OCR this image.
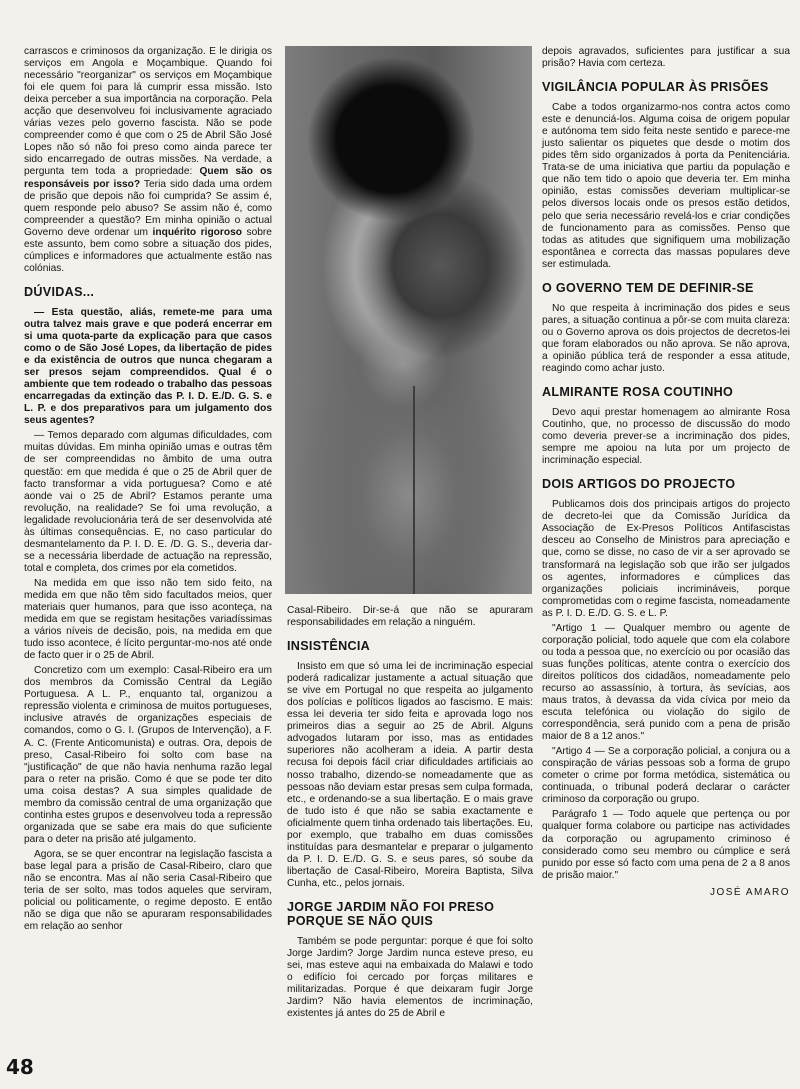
carrascos e criminosos da organização. E le dirigia os serviços em Angola e Moçambique. Quando foi necessário "reorganizar" os serviços em Moçambique foi ele quem foi para lá cumprir essa missão. Isto deixa perceber a sua importância na corporação. Pela acção que desenvolveu foi inclusivamente agraciado várias vezes pelo governo fascista. Não se pode compreender como é que com o 25 de Abril São José Lopes não só não foi preso como ainda parece ter sido encarregado de outras missões. Na verdade, a pergunta tem toda a propriedade: Quem são os responsáveis por isso? Teria sido dada uma ordem de prisão que depois não foi cumprida? Se assim é, quem responde pelo abuso? Se assim não é, como compreender a questão? Em minha opinião o actual Governo deve ordenar um inquérito rigoroso sobre este assunto, bem como sobre a situação dos pides, cúmplices e informadores que actualmente estão nas colónias.

DÚVIDAS...

— Esta questão, aliás, remete-me para uma outra talvez mais grave e que poderá encerrar em si uma quota-parte da explicação para que casos como o de São José Lopes, da libertação de pides e da existência de outros que nunca chegaram a ser presos sejam compreendidos. Qual é o ambiente que tem rodeado o trabalho das pessoas encarregadas da extinção das P. I. D. E./D. G. S. e L. P. e dos preparativos para um julgamento dos seus agentes?

— Temos deparado com algumas dificuldades, com muitas dúvidas. Em minha opinião umas e outras têm de ser compreendidas no âmbito de uma outra questão: em que medida é que o 25 de Abril quer de facto transformar a vida portuguesa? Como e até aonde vai o 25 de Abril? Estamos perante uma revolução, na realidade? Se foi uma revolução, a legalidade revolucionária terá de ser desenvolvida até às últimas consequências. E, no caso particular do desmantelamento da P. I. D. E. /D. G. S., deveria dar-se a necessária liberdade de actuação na repressão, total e completa, dos crimes por ela cometidos.

Na medida em que isso não tem sido feito, na medida em que não têm sido facultados meios, quer materiais quer humanos, para que isso aconteça, na medida em que se registam hesitações variadíssimas a vários níveis de decisão, pois, na medida em que tudo isso acontece, é lícito perguntar-mo-nos até onde de facto quer ir o 25 de Abril.

Concretizo com um exemplo: Casal-Ribeiro era um dos membros da Comissão Central da Legião Portuguesa. A L. P., enquanto tal, organizou a repressão violenta e criminosa de muitos portugueses, inclusive através de organizações especiais de comandos, como o G. I. (Grupos de Intervenção), a F. A. C. (Frente Anticomunista) e outras. Ora, depois de preso, Casal-Ribeiro foi solto com base na "justificação" de que não havia nenhuma razão legal para o reter na prisão. Como é que se pode ter dito uma coisa destas? A sua simples qualidade de membro da comissão central de uma organização que continha estes grupos e desenvolveu toda a repressão organizada que se sabe era mais do que suficiente para o deter na prisão até julgamento.

Agora, se se quer encontrar na legislação fascista a base legal para a prisão de Casal-Ribeiro, claro que não se encontra. Mas aí não seria Casal-Ribeiro que teria de ser solto, mas todos aqueles que serviram, policial ou politicamente, o regime deposto. E então não se diga que não se apuraram responsabilidades em relação ao senhor

Casal-Ribeiro. Dir-se-á que não se apuraram responsabilidades em relação a ninguém.

INSISTÊNCIA

Insisto em que só uma lei de incriminação especial poderá radicalizar justamente a actual situação que se vive em Portugal no que respeita ao julgamento dos polícias e políticos ligados ao fascismo. E mais: essa lei deveria ter sido feita e aprovada logo nos primeiros dias a seguir ao 25 de Abril. Alguns advogados lutaram por isso, mas as entidades superiores não acolheram a ideia. A partir desta recusa foi depois fácil criar dificuldades artificiais ao nosso trabalho, dizendo-se nomeadamente que as pessoas não deviam estar presas sem culpa formada, etc., e ordenando-se a sua libertação. E o mais grave de tudo isto é que não se sabia exactamente e oficialmente quem tinha ordenado tais libertações. Eu, por exemplo, que trabalho em duas comissões instituídas para desmantelar e preparar o julgamento da P. I. D. E./D. G. S. e seus pares, só soube da libertação de Casal-Ribeiro, Moreira Baptista, Silva Cunha, etc., pelos jornais.

JORGE JARDIM NÃO FOI PRESO PORQUE SE NÃO QUIS

Também se pode perguntar: porque é que foi solto Jorge Jardim? Jorge Jardim nunca esteve preso, eu sei, mas esteve aqui na embaixada do Malawi e todo o edifício foi cercado por forças militares e militarizadas. Porque é que deixaram fugir Jorge Jardim? Não havia elementos de incriminação, existentes já antes do 25 de Abril e

depois agravados, suficientes para justificar a sua prisão? Havia com certeza.

VIGILÂNCIA POPULAR ÀS PRISÕES

Cabe a todos organizarmo-nos contra actos como este e denunciá-los. Alguma coisa de origem popular e autónoma tem sido feita neste sentido e parece-me justo salientar os piquetes que desde o motim dos pides têm sido organizados à porta da Penitenciária. Trata-se de uma iniciativa que partiu da população e que não tem tido o apoio que deveria ter. Em minha opinião, estas comissões deveriam multiplicar-se pelos diversos locais onde os presos estão detidos, pelo que seria necessário revelá-los e criar condições de funcionamento para as comissões. Penso que todas as atitudes que signifiquem uma mobilização espontânea e correcta das massas populares deve ser estimulada.

O GOVERNO TEM DE DEFINIR-SE

No que respeita à incriminação dos pides e seus pares, a situação continua a pôr-se com muita clareza: ou o Governo aprova os dois projectos de decretos-lei que foram elaborados ou não aprova. Se não aprova, a opinião pública terá de responder a essa atitude, reagindo como achar justo.

ALMIRANTE ROSA COUTINHO

Devo aqui prestar homenagem ao almirante Rosa Coutinho, que, no processo de discussão do modo como deveria prever-se a incriminação dos pides, sempre me apoiou na luta por um projecto de incriminação especial.

DOIS ARTIGOS DO PROJECTO

Publicamos dois dos principais artigos do projecto de decreto-lei que da Comissão Jurídica da Associação de Ex-Presos Políticos Antifascistas desceu ao Conselho de Ministros para apreciação e que, como se disse, no caso de vir a ser aprovado se transformará na legislação sob que irão ser julgados os agentes, informadores e cúmplices das organizações policiais incrimináveis, porque comprometidas com o regime fascista, nomeadamente as P. I. D. E./D. G. S. e L. P.

"Artigo 1 — Qualquer membro ou agente de corporação policial, todo aquele que com ela colabore ou toda a pessoa que, no exercício ou por ocasião das suas funções políticas, atente contra o exercício dos direitos políticos dos cidadãos, nomeadamente pelo recurso ao assassínio, à tortura, às sevícias, aos maus tratos, à devassa da vida cívica por meio da escuta telefónica ou violação do sigilo de correspondência, será punido com a pena de prisão maior de 8 a 12 anos."

"Artigo 4 — Se a corporação policial, a conjura ou a conspiração de várias pessoas sob a forma de grupo cometer o crime por forma metódica, sistemática ou continuada, o tribunal poderá declarar o carácter criminoso da corporação ou grupo.

Parágrafo 1 — Todo aquele que pertença ou por qualquer forma colabore ou participe nas actividades da corporação ou agrupamento criminoso é considerado como seu membro ou cúmplice e será punido por esse só facto com uma pena de 2 a 8 anos de prisão maior."

JOSÉ AMARO
48
